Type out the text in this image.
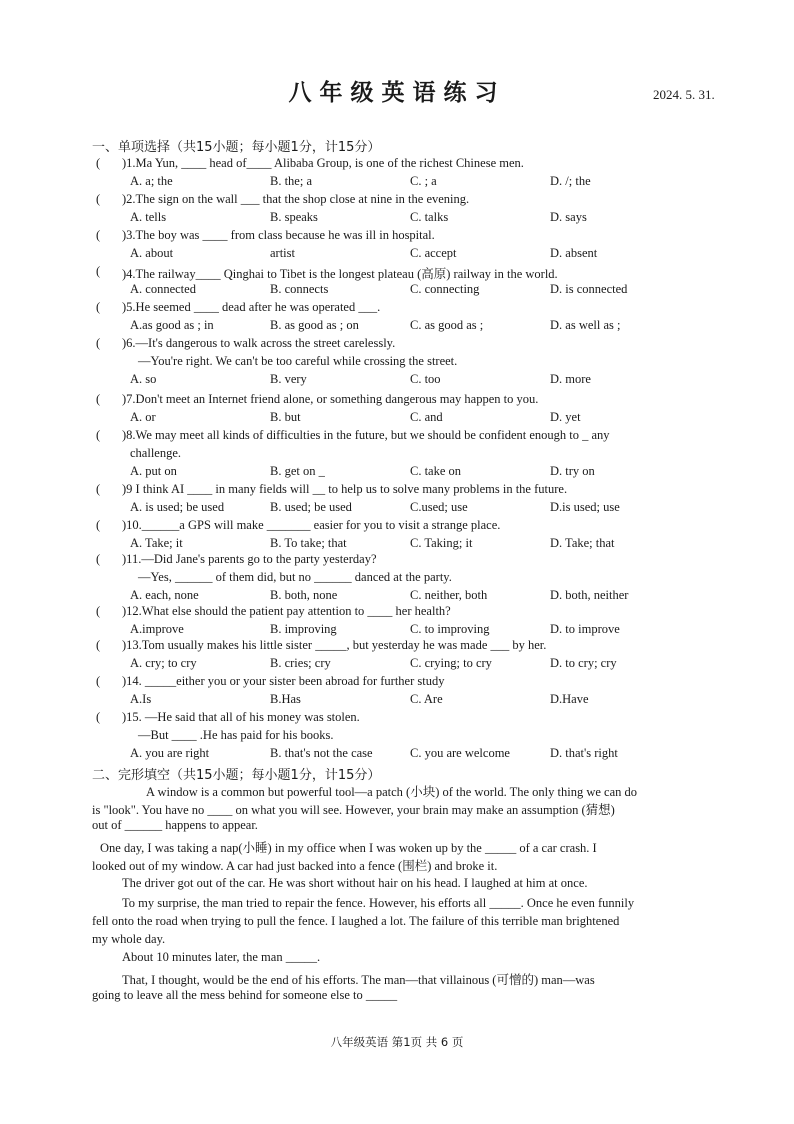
八年级英语练习	2024. 5. 31.
一、单项选择（共15小题；每小题1分，计15分）
( )1.Ma Yun, ____ head of____ Alibaba Group, is one of the richest Chinese men.
A. a; the	B. the; a	C. ; a	D. /; the
( )2.The sign on the wall ___ that the shop close at nine in the evening.
A. tells	B. speaks	C. talks	D. says
( )3.The boy was ____ from class because he was ill in hospital.
A. about	artist	C. accept	D. absent
( )4.The railway____ Qinghai to Tibet is the longest plateau (高原) railway in the world.
A. connected	B. connects	C. connecting	D. is connected
( )5.He seemed ____ dead after he was operated ___.
A.as good as ; in	B. as good as ; on	C. as good as ;	D. as well as ;
( )6.—It's dangerous to walk across the street carelessly.
—You're right. We can't be too careful while crossing the street.
A. so	B. very	C. too	D. more
( )7.Don't meet an Internet friend alone, or something dangerous may happen to you.
A. or	B. but	C. and	D. yet
( )8.We may meet all kinds of difficulties in the future, but we should be confident enough to _ any
challenge.
A. put on	B. get on _	C. take on	D. try on
( )9 I think AI ____ in many fields will __ to help us to solve many problems in the future.
A. is used; be used	B. used; be used	C.used; use	D.is used; use
( )10.______a GPS will make _______ easier for you to visit a strange place.
A. Take; it	B. To take; that	C. Taking; it	D. Take; that
( )11.—Did Jane's parents go to the party yesterday?
—Yes, ______ of them did, but no ______ danced at the party.
A. each, none	B. both, none	C. neither, both	D. both, neither
( )12.What else should the patient pay attention to ____ her health?
A.improve	B. improving	C. to improving	D. to improve
( )13.Tom usually makes his little sister _____, but yesterday he was made ___ by her.
A. cry; to cry	B. cries; cry	C. crying; to cry	D. to cry; cry
( )14. _____either you or your sister been abroad for further study
A.Is	B.Has	C. Are	D.Have
( )15. —He said that all of his money was stolen.
—But ____ .He has paid for his books.
A. you are right	B. that's not the case	C. you are welcome	D. that's right
二、完形填空（共15小题；每小题1分，计15分）
A window is a common but powerful tool—a patch (小块) of the world. The only thing we can do
is "look". You have no ____ on what you will see. However, your brain may make an assumption (猜想)
out of ______ happens to appear.
One day, I was taking a nap(小睡) in my office when I was woken up by the _____ of a car crash. I
looked out of my window. A car had just backed into a fence (围栏) and broke it.
The driver got out of the car. He was short without hair on his head. I laughed at him at once.
To my surprise, the man tried to repair the fence. However, his efforts all _____. Once he even funnily
fell onto the road when trying to pull the fence. I laughed a lot. The failure of this terrible man brightened
my whole day.
About 10 minutes later, the man _____.
That, I thought, would be the end of his efforts. The man—that villainous (可憎的) man—was
going to leave all the mess behind for someone else to _____
八年级英语 第1页 共 6 页
